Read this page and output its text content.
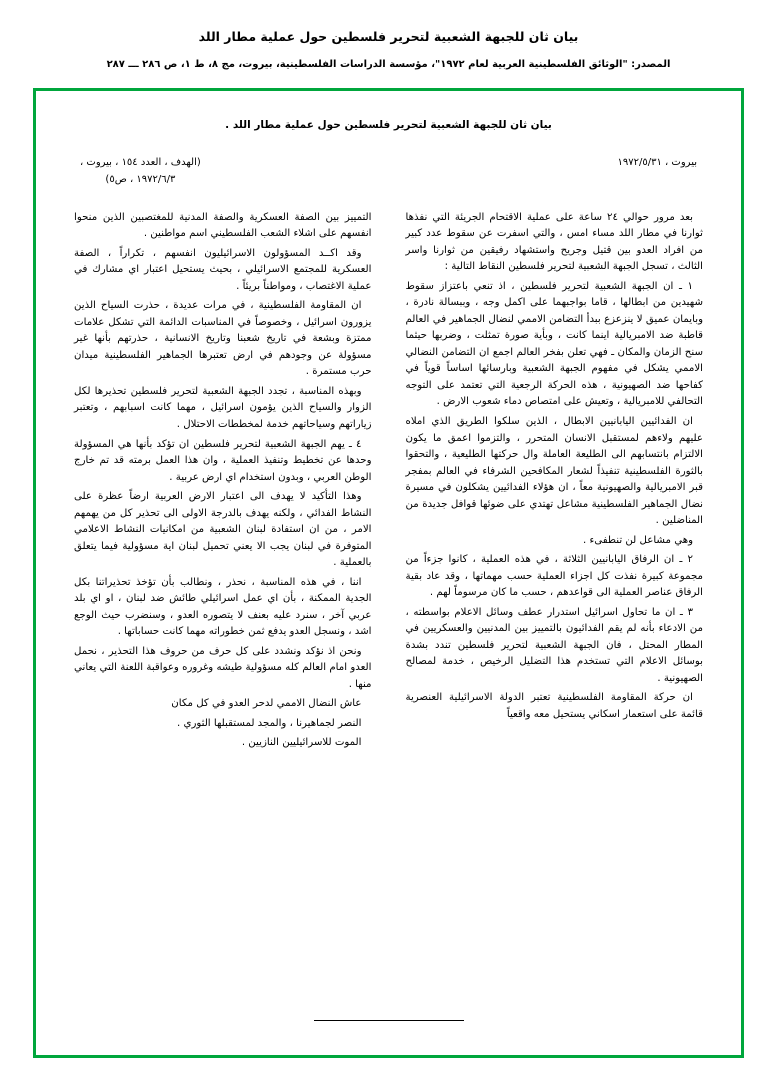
بيان ثان للجبهة الشعبية لتحرير فلسطين حول عملية مطار اللد
المصدر: "الوثائق الفلسطينية العربية لعام ١٩٧٢"، مؤسسة الدراسات الفلسطينية، بيروت، مج ٨، ط ١، ص ٢٨٦ ـــ ٢٨٧
بيان ثان للجبهة الشعبية لتحرير فلسطين حول عملية مطار اللد .
بيروت ، ١٩٧٢/٥/٣١
(الهدف ، العدد ١٥٤ ، بيروت ،
١٩٧٢/٦/٣ ، ص٥)

بعد مرور حوالي ٢٤ ساعة على عملية الاقتحام الجريئة التي نفذها ثوارنا في مطار اللد مساء امس ، والتي اسفرت عن سقوط عدد كبير من افراد العدو بين قتيل وجريح واستشهاد رفيقين من ثوارنا واسر الثالث ، تسجل الجبهة الشعبية لتحرير فلسطين النقاط التالية :

١ ـ ان الجبهة الشعبية لتحرير فلسطين ، اذ تنعي باعتزاز سقوط شهيدين من ابطالها ، قاما بواجبهما على اكمل وجه ، وببسالة نادرة ، وبايمان عميق لا ينزعزع ببدأ التضامن الاممي لنضال الجماهير في العالم قاطبة ضد الامبريالية اينما كانت ، وبأية صورة تمثلت ، وضربها حيثما سنح الزمان والمكان ـ فهي تعلن بفخر العالم اجمع ان التضامن النضالي الاممي يشكل في مفهوم الجبهة الشعبية وبارسائها اساساً قوياً في كفاحها ضد الصهيونية ، هذه الحركة الرجعية التي تعتمد على التوجه التحالفي للامبريالية ، وتعيش على امتصاص دماء شعوب الارض .

ان الفدائيين اليابانيين الابطال ، الذين سلكوا الطريق الذي املاه عليهم ولاءهم لمستقبل الانسان المتحرر ، والتزموا اعمق ما يكون الالتزام بانتسابهم الى الطليعة العاملة وال حركتها الطليعية ، والتحقوا بالثورة الفلسطينية تنفيذاً لشعار المكافحين الشرفاء في العالم بمفجر قبر الامبريالية والصهيونية معاً ، ان هؤلاء الفدائيين يشكلون في مسيرة نضال الجماهير الفلسطينية مشاعل تهتدي على ضوئها قوافل جديدة من المناضلين .

وهي مشاعل لن تنطفىء .

٢ ـ ان الرفاق اليابانيين الثلاثة ، في هذه العملية ، كانوا جزءاً من مجموعة كبيرة نفذت كل اجزاء العملية حسب مهماتها ، وقد عاد بقية الرفاق عناصر العملية الى قواعدهم ، حسب ما كان مرسوماً لهم .

٣ ـ ان ما تحاول اسرائيل استدرار عطف وسائل الاعلام بواسطته ، من الادعاء بأنه لم يقم الفدائيون بالتمييز بين المدنيين والعسكريين في المطار المحتل ، فان الجبهة الشعبية لتحرير فلسطين تندد بشدة بوسائل الاعلام التي تستخدم هذا التضليل الرخيص ، خدمة لمصالح الصهيونية .

ان حركة المقاومة الفلسطينية تعتبر الدولة الاسرائيلية العنصرية قائمة على استعمار اسكاني يستحيل معه واقعياً

التمييز بين الصفة العسكرية والصفة المدنية للمغتصبين الذين منحوا انفسهم على اشلاء الشعب الفلسطيني اسم مواطنين .

وقد اكــد المسؤولون الاسرائيليون انفسهم ، تكراراً ، الصفة العسكرية للمجتمع الاسرائيلي ، بحيث يستحيل اعتبار اي مشارك في عملية الاغتصاب ، ومواطناً بريئاً .

ان المقاومة الفلسطينية ، في مرات عديدة ، حذرت السياح الذين يزورون اسرائيل ، وخصوصاً في المناسبات الدائمة التي تشكل علامات ممتزة وبشعة في تاريخ شعبنا وتاريخ الانسانية ، حذرتهم بأنها غير مسؤولة عن وجودهم في ارض تعتبرها الجماهير الفلسطينية ميدان حرب مستمرة .

وبهذه المناسبة ، تجدد الجبهة الشعبية لتحرير فلسطين تحذيرها لكل الزوار والسياح الذين يؤمون اسرائيل ، مهما كانت اسبابهم ، وتعتبر زياراتهم وسياحاتهم خدمة لمخططات الاحتلال .

٤ ـ يهم الجبهة الشعبية لتحرير فلسطين ان تؤكد بأنها هي المسؤولة وحدها عن تخطيط وتنفيذ العملية ، وان هذا العمل برمته قد تم خارج الوطن العربي ، وبدون استخدام اي ارض عربية .

وهذا التأكيد لا يهدف الى اعتبار الارض العربية ارضاً عظرة على النشاط الفدائي ، ولكنه يهدف بالدرجة الاولى الى تحذير كل من يهمهم الامر ، من ان استفادة لبنان الشعبية من امكانيات النشاط الاعلامي المتوفرة في لبنان يجب الا يعني تحميل لبنان اية مسؤولية فيما يتعلق بالعملية .

اننا ، في هذه المناسبة ، نحذر ، ونطالب بأن تؤخذ تحذيراتنا بكل الجدية الممكنة ، بأن اي عمل اسرائيلي طائش ضد لبنان ، او اي بلد عربي آخر ، سنرد عليه بعنف لا يتصوره العدو ، وسنضرب حيث الوجع اشد ، ونسجل العدو يدفع ثمن خطوراته مهما كانت حساباتها .

ونحن اذ نؤكد ونشدد على كل حرف من حروف هذا التحذير ، نحمل العدو امام العالم كله مسؤولية طيشه وغروره وعواقبة اللعنة التي يعاني منها .

عاش النضال الاممي لدحر العدو في كل مكان

النصر لجماهيرنا ، والمجد لمستقبلها الثوري .

الموت للاسرائيليين النازيين .
